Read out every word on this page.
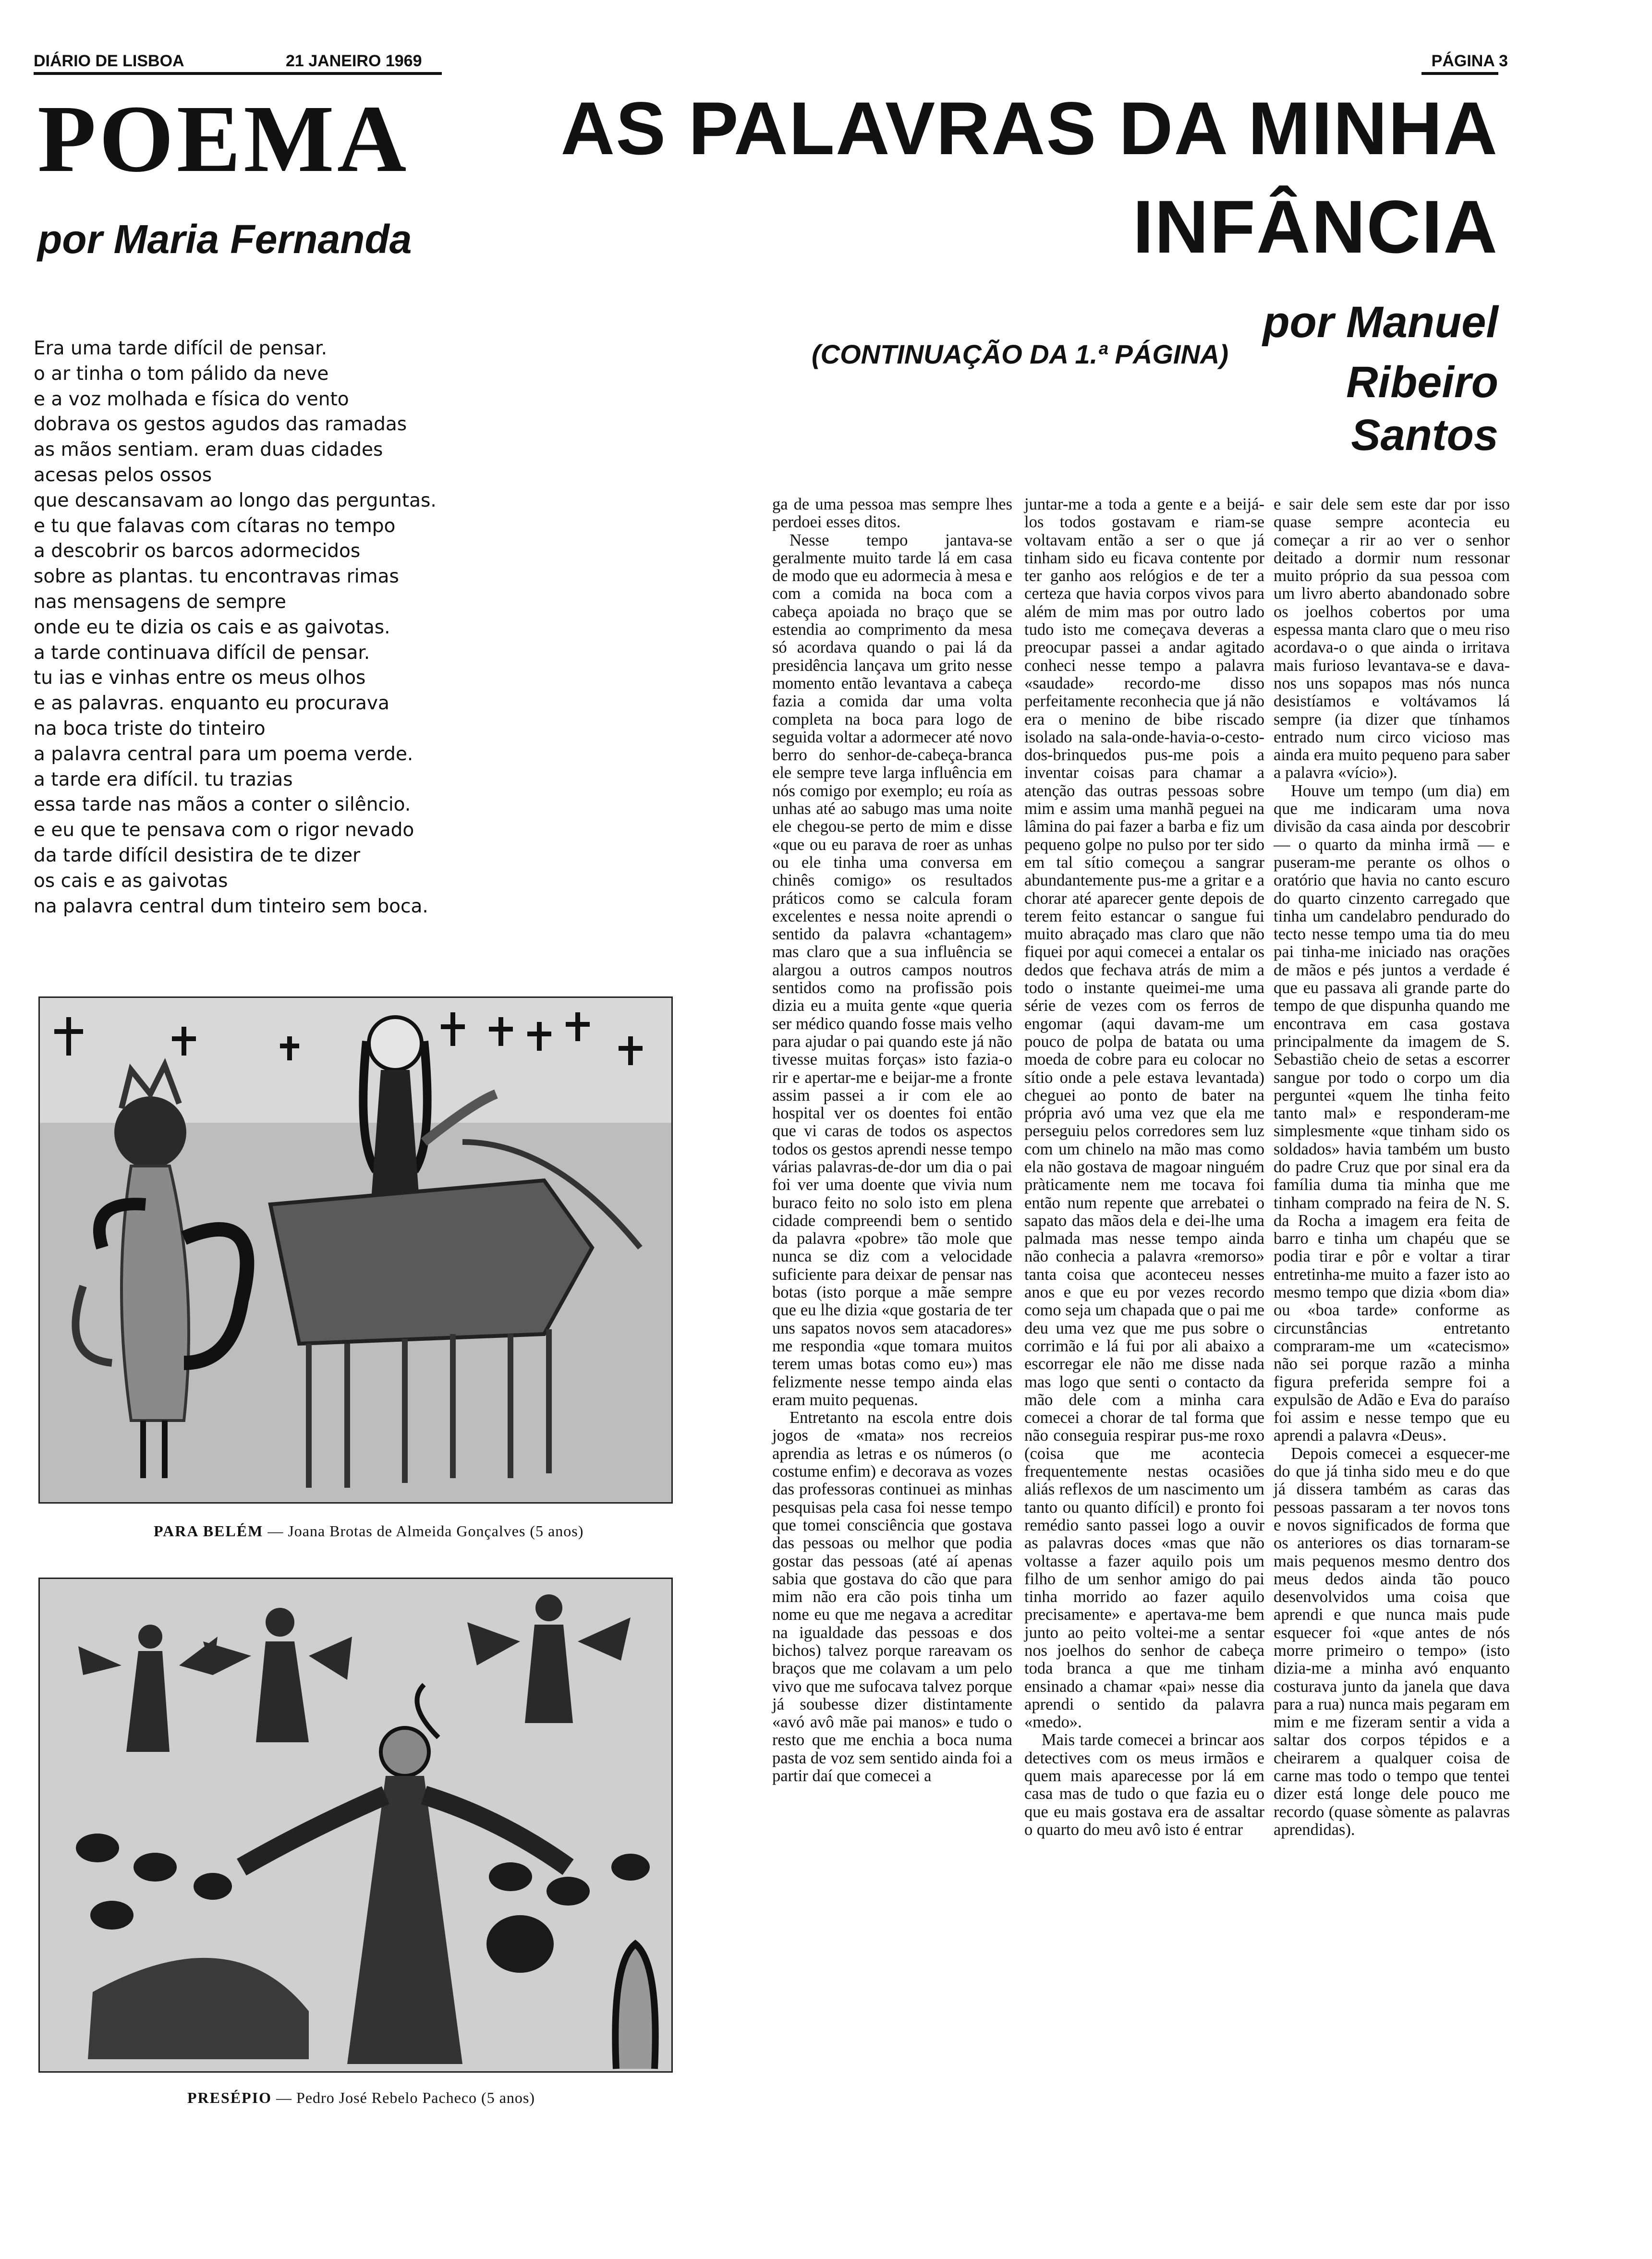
DIÁRIO DE LISBOA	21 JANEIRO 1969	PÁGINA 3
POEMA
por Maria Fernanda
Era uma tarde difícil de pensar.
o ar tinha o tom pálido da neve
e a voz molhada e física do vento
dobrava os gestos agudos das ramadas
as mãos sentiam. eram duas cidades
acesas pelos ossos
que descansavam ao longo das perguntas.
e tu que falavas com cítaras no tempo
a descobrir os barcos adormecidos
sobre as plantas. tu encontravas rimas
nas mensagens de sempre
onde eu te dizia os cais e as gaivotas.
a tarde continuava difícil de pensar.
tu ias e vinhas entre os meus olhos
e as palavras. enquanto eu procurava
na boca triste do tinteiro
a palavra central para um poema verde.
a tarde era difícil. tu trazias
essa tarde nas mãos a conter o silêncio.
e eu que te pensava com o rigor nevado
da tarde difícil desistira de te dizer
os cais e as gaivotas
na palavra central dum tinteiro sem boca.
PARA BELÉM — Joana Brotas de Almeida Gonçalves (5 anos)
PRESÉPIO — Pedro José Rebelo Pacheco (5 anos)
AS PALAVRAS DA MINHA
INFÂNCIA
(CONTINUAÇÃO DA 1.ª PÁGINA)
por Manuel
Ribeiro
Santos

ga de uma pessoa mas sempre lhes perdoei esses ditos.

Nesse tempo jantava-se geralmente muito tarde lá em casa de modo que eu adormecia à mesa e com a comida na boca com a cabeça apoiada no braço que se estendia ao comprimento da mesa só acordava quando o pai lá da presidência lançava um grito nesse momento então levantava a cabeça fazia a comida dar uma volta completa na boca para logo de seguida voltar a adormecer até novo berro do senhor-de-cabeça-branca ele sempre teve larga influência em nós comigo por exemplo; eu roía as unhas até ao sabugo mas uma noite ele chegou-se perto de mim e disse «que ou eu parava de roer as unhas ou ele tinha uma conversa em chinês comigo» os resultados práticos como se calcula foram excelentes e nessa noite aprendi o sentido da palavra «chantagem» mas claro que a sua influência se alargou a outros campos noutros sentidos como na profissão pois dizia eu a muita gente «que queria ser médico quando fosse mais velho para ajudar o pai quando este já não tivesse muitas forças» isto fazia-o rir e apertar-me e beijar-me a fronte assim passei a ir com ele ao hospital ver os doentes foi então que vi caras de todos os aspectos todos os gestos aprendi nesse tempo várias palavras-de-dor um dia o pai foi ver uma doente que vivia num buraco feito no solo isto em plena cidade compreendi bem o sentido da palavra «pobre» tão mole que nunca se diz com a velocidade suficiente para deixar de pensar nas botas (isto porque a mãe sempre que eu lhe dizia «que gostaria de ter uns sapatos novos sem atacadores» me respondia «que tomara muitos terem umas botas como eu») mas felizmente nesse tempo ainda elas eram muito pequenas.

Entretanto na escola entre dois jogos de «mata» nos recreios aprendia as letras e os números (o costume enfim) e decorava as vozes das professoras continuei as minhas pesquisas pela casa foi nesse tempo que tomei consciência que gostava das pessoas ou melhor que podia gostar das pessoas (até aí apenas sabia que gostava do cão que para mim não era cão pois tinha um nome eu que me negava a acreditar na igualdade das pessoas e dos bichos) talvez porque rareavam os braços que me colavam a um pelo vivo que me sufocava talvez porque já soubesse dizer distintamente «avó avô mãe pai manos» e tudo o resto que me enchia a boca numa pasta de voz sem sentido ainda foi a partir daí que comecei a

juntar-me a toda a gente e a beijá-los todos gostavam e riam-se voltavam então a ser o que já tinham sido eu ficava contente por ter ganho aos relógios e de ter a certeza que havia corpos vivos para além de mim mas por outro lado tudo isto me começava deveras a preocupar passei a andar agitado conheci nesse tempo a palavra «saudade» recordo-me disso perfeitamente reconhecia que já não era o menino de bibe riscado isolado na sala-onde-havia-o-cesto-dos-brinquedos pus-me pois a inventar coisas para chamar a atenção das outras pessoas sobre mim e assim uma manhã peguei na lâmina do pai fazer a barba e fiz um pequeno golpe no pulso por ter sido em tal sítio começou a sangrar abundantemente pus-me a gritar e a chorar até aparecer gente depois de terem feito estancar o sangue fui muito abraçado mas claro que não fiquei por aqui comecei a entalar os dedos que fechava atrás de mim a todo o instante queimei-me uma série de vezes com os ferros de engomar (aqui davam-me um pouco de polpa de batata ou uma moeda de cobre para eu colocar no sítio onde a pele estava levantada) cheguei ao ponto de bater na própria avó uma vez que ela me perseguiu pelos corredores sem luz com um chinelo na mão mas como ela não gostava de magoar ninguém pràticamente nem me tocava foi então num repente que arrebatei o sapato das mãos dela e dei-lhe uma palmada mas nesse tempo ainda não conhecia a palavra «remorso» tanta coisa que aconteceu nesses anos e que eu por vezes recordo como seja um chapada que o pai me deu uma vez que me pus sobre o corrimão e lá fui por ali abaixo a escorregar ele não me disse nada mas logo que senti o contacto da mão dele com a minha cara comecei a chorar de tal forma que não conseguia respirar pus-me roxo (coisa que me acontecia frequentemente nestas ocasiões aliás reflexos de um nascimento um tanto ou quanto difícil) e pronto foi remédio santo passei logo a ouvir as palavras doces «mas que não voltasse a fazer aquilo pois um filho de um senhor amigo do pai tinha morrido ao fazer aquilo precisamente» e apertava-me bem junto ao peito voltei-me a sentar nos joelhos do senhor de cabeça toda branca a que me tinham ensinado a chamar «pai» nesse dia aprendi o sentido da palavra «medo».

Mais tarde comecei a brincar aos detectives com os meus irmãos e quem mais aparecesse por lá em casa mas de tudo o que fazia eu o que eu mais gostava era de assaltar o quarto do meu avô isto é entrar

e sair dele sem este dar por isso quase sempre acontecia eu começar a rir ao ver o senhor deitado a dormir num ressonar muito próprio da sua pessoa com um livro aberto abandonado sobre os joelhos cobertos por uma espessa manta claro que o meu riso acordava-o o que ainda o irritava mais furioso levantava-se e dava-nos uns sopapos mas nós nunca desistíamos e voltávamos lá sempre (ia dizer que tínhamos entrado num circo vicioso mas ainda era muito pequeno para saber a palavra «vício»).

Houve um tempo (um dia) em que me indicaram uma nova divisão da casa ainda por descobrir — o quarto da minha irmã — e puseram-me perante os olhos o oratório que havia no canto escuro do quarto cinzento carregado que tinha um candelabro pendurado do tecto nesse tempo uma tia do meu pai tinha-me iniciado nas orações de mãos e pés juntos a verdade é que eu passava ali grande parte do tempo de que dispunha quando me encontrava em casa gostava principalmente da imagem de S. Sebastião cheio de setas a escorrer sangue por todo o corpo um dia perguntei «quem lhe tinha feito tanto mal» e responderam-me simplesmente «que tinham sido os soldados» havia também um busto do padre Cruz que por sinal era da família duma tia minha que me tinham comprado na feira de N. S. da Rocha a imagem era feita de barro e tinha um chapéu que se podia tirar e pôr e voltar a tirar entretinha-me muito a fazer isto ao mesmo tempo que dizia «bom dia» ou «boa tarde» conforme as circunstâncias entretanto compraram-me um «catecismo» não sei porque razão a minha figura preferida sempre foi a expulsão de Adão e Eva do paraíso foi assim e nesse tempo que eu aprendi a palavra «Deus».

Depois comecei a esquecer-me do que já tinha sido meu e do que já dissera também as caras das pessoas passaram a ter novos tons e novos significados de forma que os anteriores os dias tornaram-se mais pequenos mesmo dentro dos meus dedos ainda tão pouco desenvolvidos uma coisa que aprendi e que nunca mais pude esquecer foi «que antes de nós morre primeiro o tempo» (isto dizia-me a minha avó enquanto costurava junto da janela que dava para a rua) nunca mais pegaram em mim e me fizeram sentir a vida a saltar dos corpos tépidos e a cheirarem a qualquer coisa de carne mas todo o tempo que tentei dizer está longe dele pouco me recordo (quase sòmente as palavras aprendidas).
